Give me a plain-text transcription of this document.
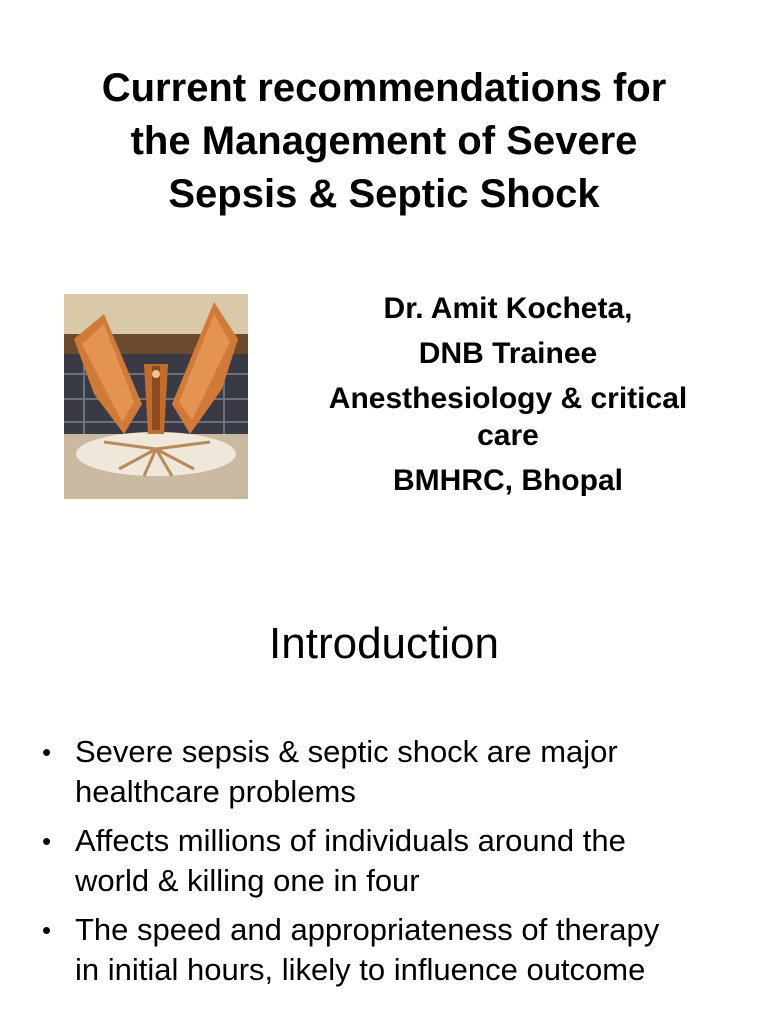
Current recommendations for
the Management of Severe
Sepsis & Septic Shock
Dr. Amit Kocheta,
DNB Trainee
Anesthesiology & critical
care
BMHRC, Bhopal
Introduction
• Severe sepsis & septic shock are major
healthcare problems
• Affects millions of individuals around the
world & killing one in four
• The speed and appropriateness of therapy
in initial hours, likely to influence outcome
